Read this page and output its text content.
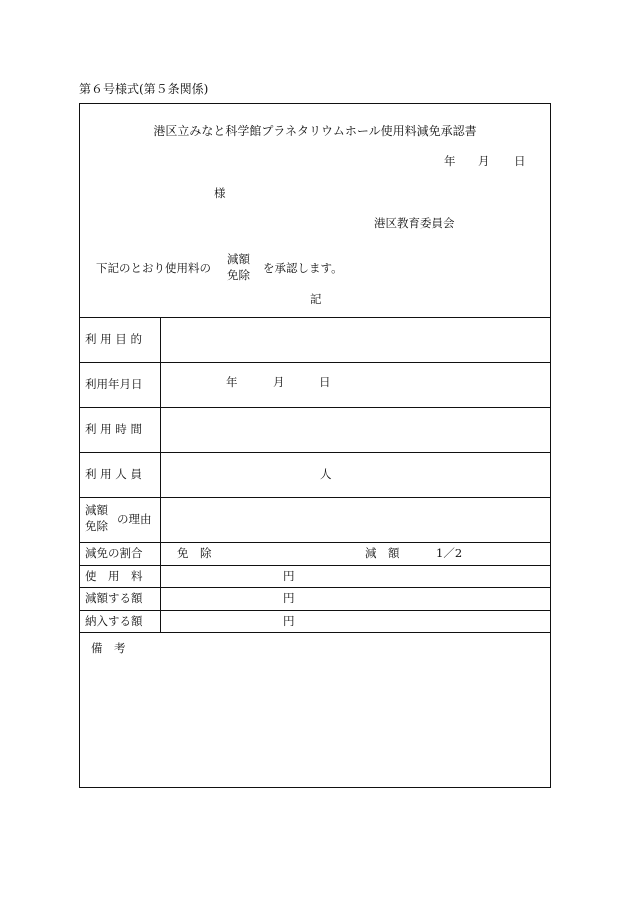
第６号様式(第５条関係)
港区立みなと科学館プラネタリウムホール使用料減免承認書
年 月 日
様
港区教育委員会
下記のとおり使用料の
減額
免除 を承認します。
記
利 用 目 的
利用年月日	年	月	日
利 用 時 間
利 用 人 員	人
減額
免除 の理由
減免の割合	免　除	減　額	1／2
使　用　料	円
減額する額	円
納入する額	円
備　考
